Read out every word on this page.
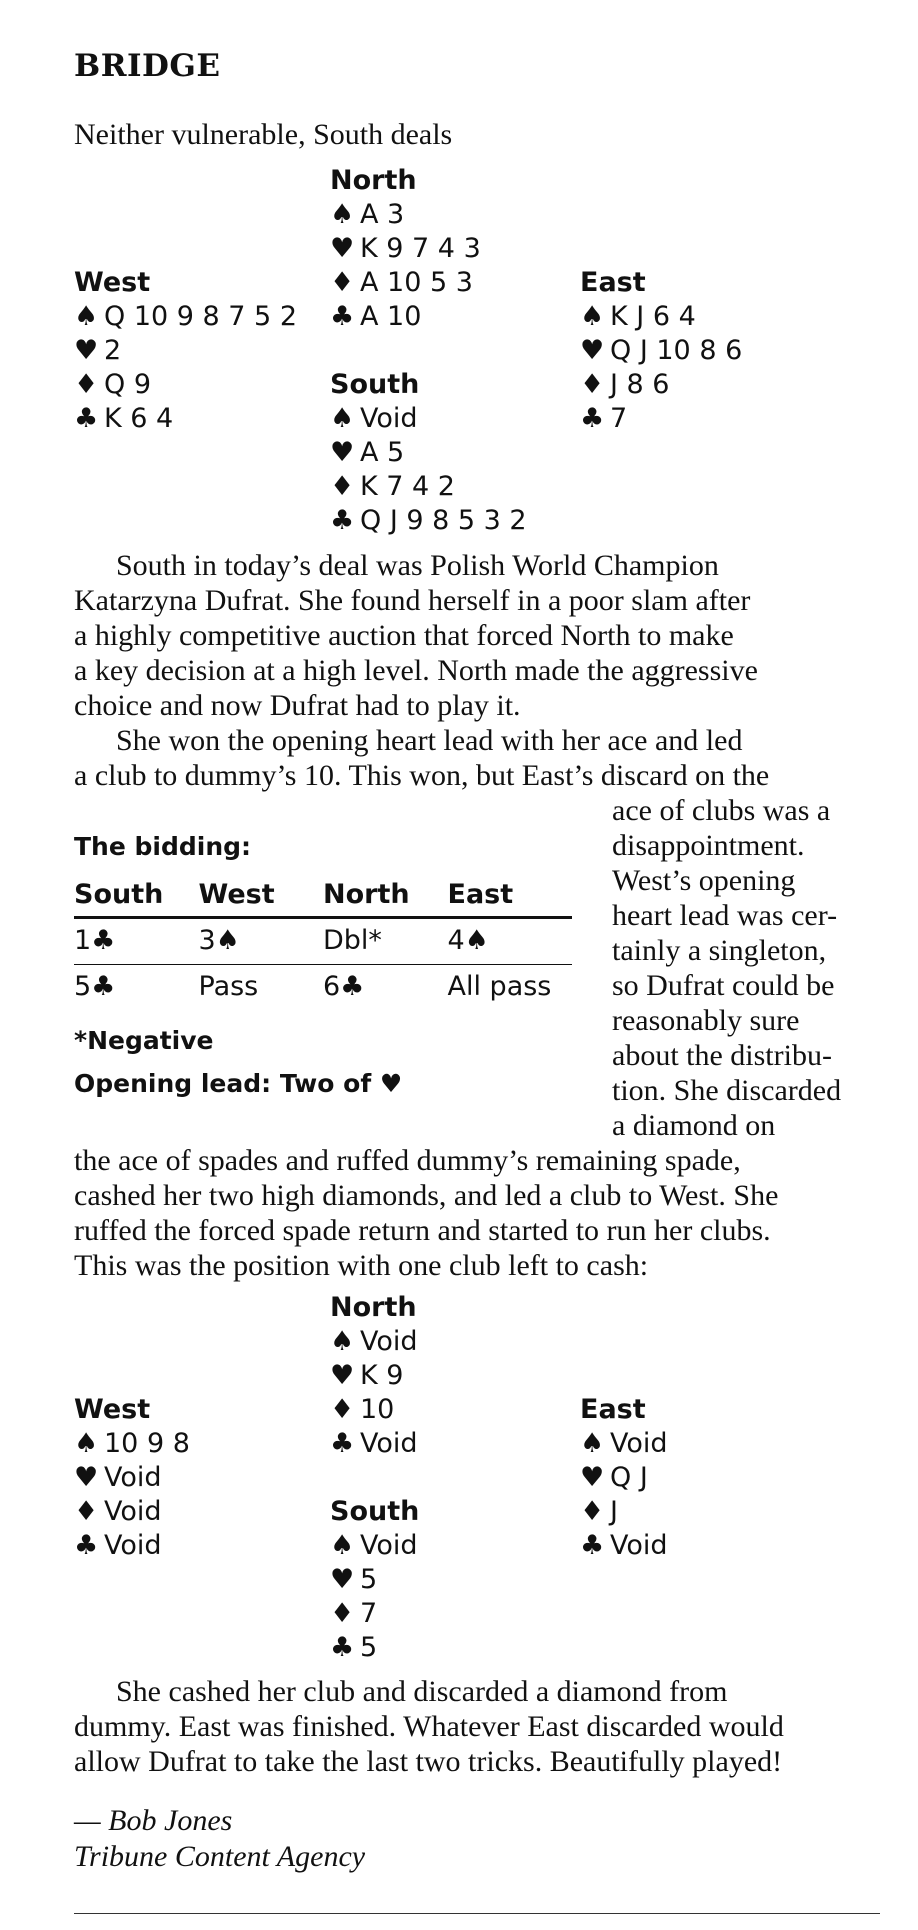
BRIDGE
Neither vulnerable, South deals
North
♠ A 3
♥ K 9 7 4 3
♦ A 10 5 3
♣ A 10
West
♠ Q 10 9 8 7 5 2
♥ 2
♦ Q 9
♣ K 6 4
East
♠ K J 6 4
♥ Q J 10 8 6
♦ J 8 6
♣ 7
South
♠ Void
♥ A 5
♦ K 7 4 2
♣ Q J 9 8 5 3 2
South in today’s deal was Polish World Champion
Katarzyna Dufrat. She found herself in a poor slam after
a highly competitive auction that forced North to make
a key decision at a high level. North made the aggressive
choice and now Dufrat had to play it.
She won the opening heart lead with her ace and led
a club to dummy’s 10. This won, but East’s discard on the
ace of clubs was a
disappointment.
West’s opening
heart lead was cer-
tainly a singleton,
so Dufrat could be
reasonably sure
about the distribu-
tion. She discarded
a diamond on
The bidding:
South	West	North	East
1♣	3♠	Dbl*	4♠
5♣	Pass	6♣	All pass
*Negative
Opening lead: Two of ♥
the ace of spades and ruffed dummy’s remaining spade,
cashed her two high diamonds, and led a club to West. She
ruffed the forced spade return and started to run her clubs.
This was the position with one club left to cash:
North
♠ Void
♥ K 9
♦ 10
♣ Void
West
♠ 10 9 8
♥ Void
♦ Void
♣ Void
East
♠ Void
♥ Q J
♦ J
♣ Void
South
♠ Void
♥ 5
♦ 7
♣ 5
She cashed her club and discarded a diamond from
dummy. East was finished. Whatever East discarded would
allow Dufrat to take the last two tricks. Beautifully played!
— Bob Jones
Tribune Content Agency
